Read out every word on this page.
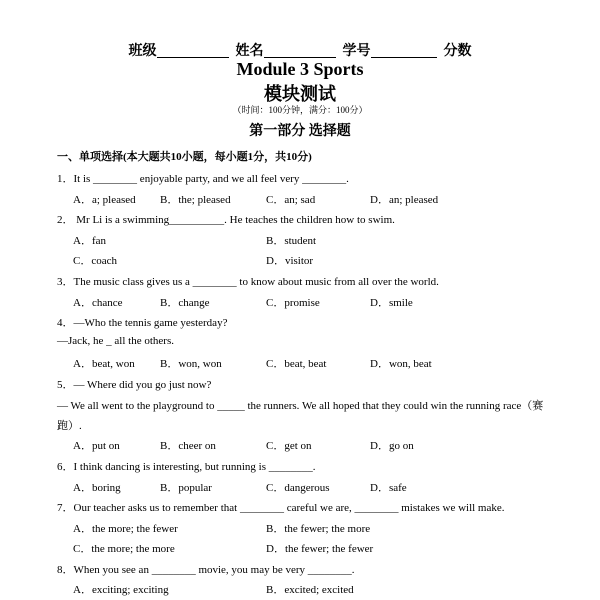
班级	姓名	学号	分数
Module 3 Sports
模块测试
（时间：100分钟，满分：100分）
第一部分 选择题
一、单项选择(本大题共10小题，每小题1分，共10分)
1．It is ________ enjoyable party, and we all feel very ________.
A．a; pleased B．the; pleased	C．an; sad	D．an; pleased
2． Mr Li is a swimming__________. He teaches the children how to swim.
A．fan	B．student
C．coach	D．visitor
3．The music class gives us a ________ to know about music from all over the world.
A．chance	B．change	C．promise	D．smile
4．—Who the tennis game yesterday?
—Jack, he _ all the others.
A．beat, won B．won, won	C．beat, beat	D．won, beat
5．— Where did you go just now?
— We all went to the playground to _____ the runners. We all hoped that they could win the running race（赛
跑）.
A．put on	B．cheer on	C．get on	D．go on
6．I think dancing is interesting, but running is ________.
A．boring	B．popular	C．dangerous	D．safe
7．Our teacher asks us to remember that ________ careful we are, ________ mistakes we will make.
A．the more; the fewer	B．the fewer; the more
C．the more; the more	D．the fewer; the fewer
8．When you see an ________ movie, you may be very ________.
A．exciting; exciting	B．excited; excited
